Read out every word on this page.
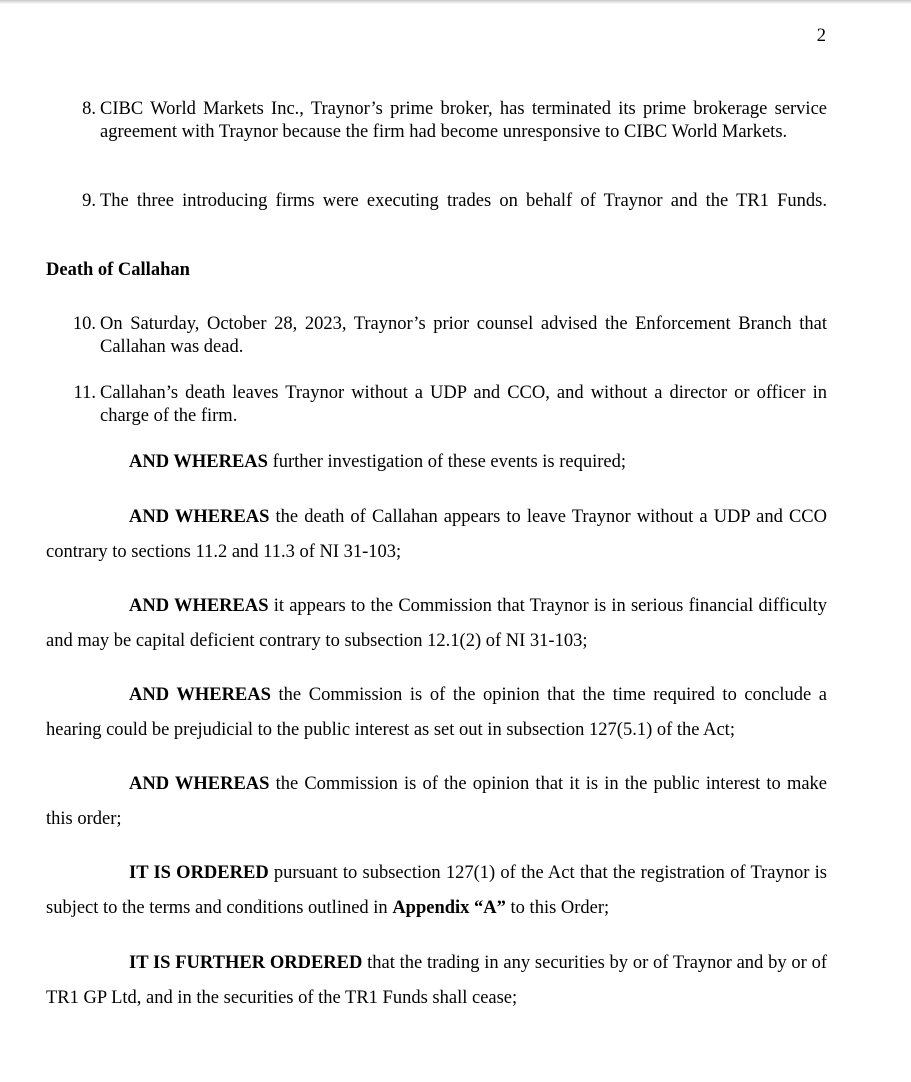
2
8. CIBC World Markets Inc., Traynor’s prime broker, has terminated its prime brokerage service agreement with Traynor because the firm had become unresponsive to CIBC World Markets.
9. The three introducing firms were executing trades on behalf of Traynor and the TR1 Funds.
Death of Callahan
10. On Saturday, October 28, 2023, Traynor’s prior counsel advised the Enforcement Branch that Callahan was dead.
11. Callahan’s death leaves Traynor without a UDP and CCO, and without a director or officer in charge of the firm.
AND WHEREAS further investigation of these events is required;
AND WHEREAS the death of Callahan appears to leave Traynor without a UDP and CCO contrary to sections 11.2 and 11.3 of NI 31-103;
AND WHEREAS it appears to the Commission that Traynor is in serious financial difficulty and may be capital deficient contrary to subsection 12.1(2) of NI 31-103;
AND WHEREAS the Commission is of the opinion that the time required to conclude a hearing could be prejudicial to the public interest as set out in subsection 127(5.1) of the Act;
AND WHEREAS the Commission is of the opinion that it is in the public interest to make this order;
IT IS ORDERED pursuant to subsection 127(1) of the Act that the registration of Traynor is subject to the terms and conditions outlined in Appendix “A” to this Order;
IT IS FURTHER ORDERED that the trading in any securities by or of Traynor and by or of TR1 GP Ltd, and in the securities of the TR1 Funds shall cease;
